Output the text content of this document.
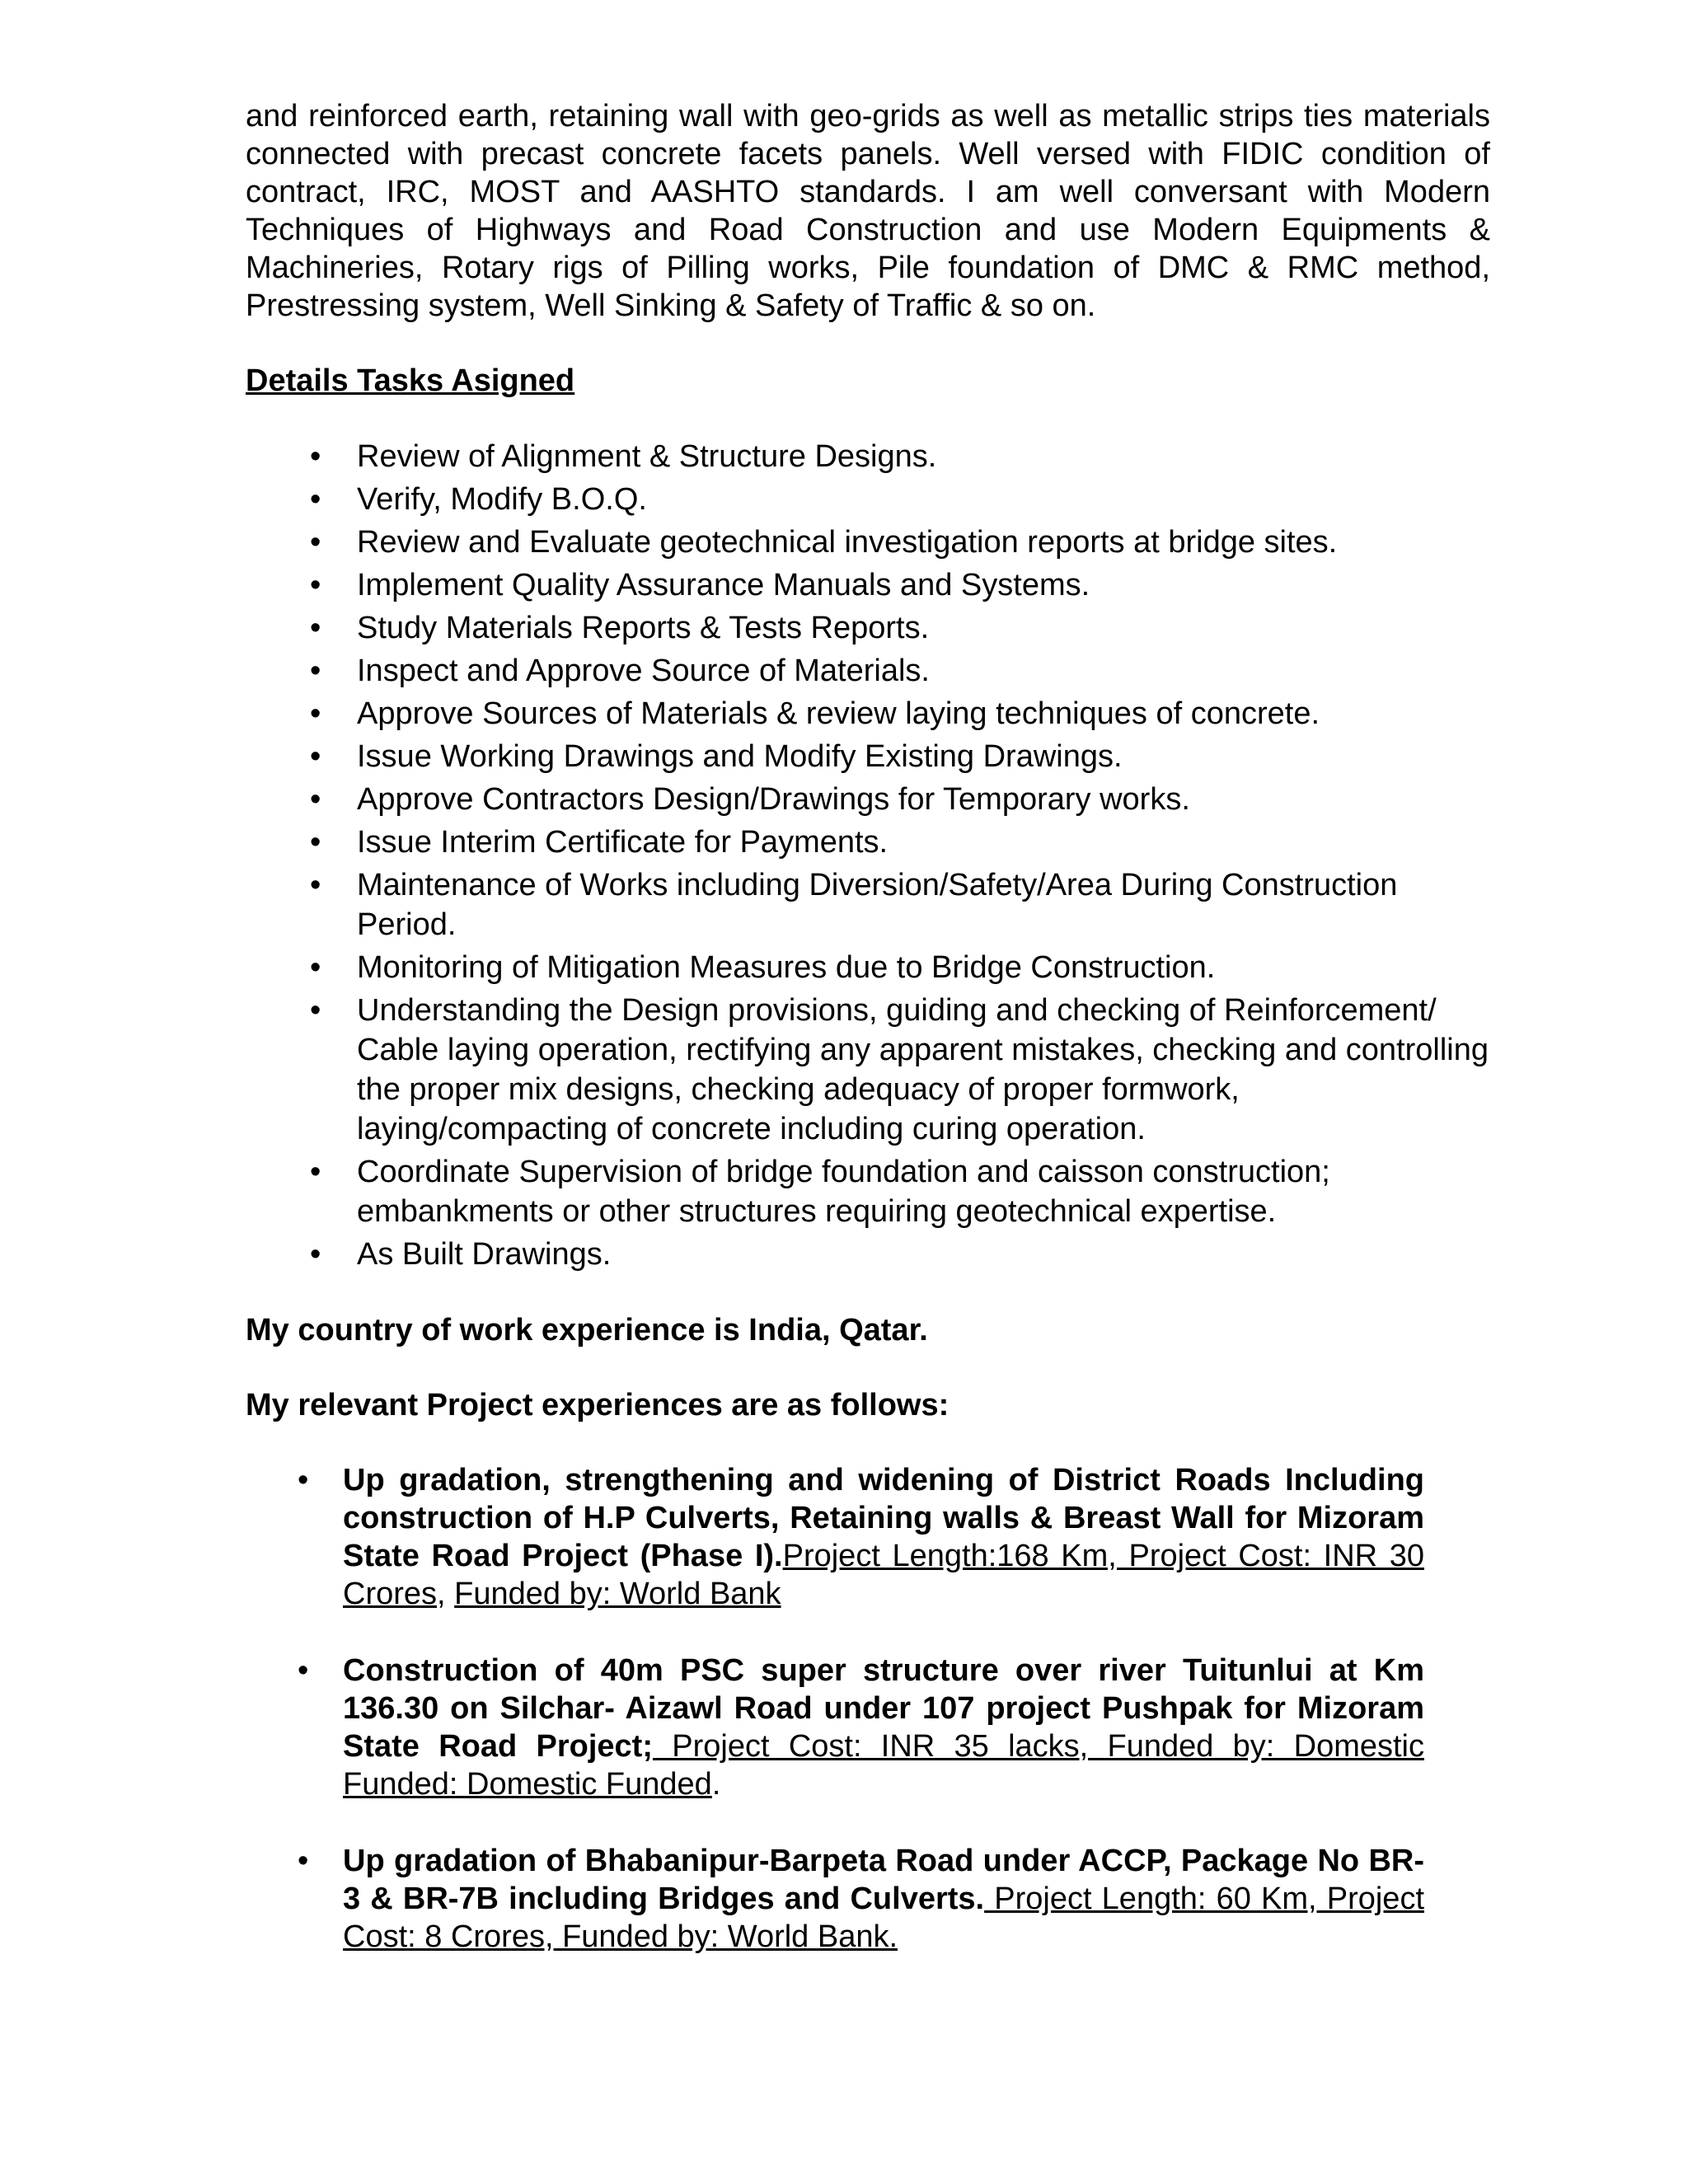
and reinforced earth, retaining wall with geo-grids as well as metallic strips ties materials connected with precast concrete facets panels. Well versed with FIDIC condition of contract, IRC, MOST and AASHTO standards. I am well conversant with Modern Techniques of Highways and Road Construction and use Modern Equipments & Machineries, Rotary rigs of Pilling works, Pile foundation of DMC & RMC method, Prestressing system, Well Sinking & Safety of Traffic & so on.

Details Tasks Asigned
• Review of Alignment & Structure Designs.
• Verify, Modify B.O.Q.
• Review and Evaluate geotechnical investigation reports at bridge sites.
• Implement Quality Assurance Manuals and Systems.
• Study Materials Reports & Tests Reports.
• Inspect and Approve Source of Materials.
• Approve Sources of Materials & review laying techniques of concrete.
• Issue Working Drawings and Modify Existing Drawings.
• Approve Contractors Design/Drawings for Temporary works.
• Issue Interim Certificate for Payments.
• Maintenance of Works including Diversion/Safety/Area During Construction Period.
• Monitoring of Mitigation Measures due to Bridge Construction.
• Understanding the Design provisions, guiding and checking of Reinforcement/ Cable laying operation, rectifying any apparent mistakes, checking and controlling the proper mix designs, checking adequacy of proper formwork, laying/compacting of concrete including curing operation.
• Coordinate Supervision of bridge foundation and caisson construction; embankments or other structures requiring geotechnical expertise.
• As Built Drawings.

My country of work experience is India, Qatar.

My relevant Project experiences are as follows:

• Up gradation, strengthening and widening of District Roads Including construction of H.P Culverts, Retaining walls & Breast Wall for Mizoram State Road Project (Phase I).Project Length:168 Km, Project Cost: INR 30 Crores, Funded by: World Bank
• Construction of 40m PSC super structure over river Tuitunlui at Km 136.30 on Silchar- Aizawl Road under 107 project Pushpak for Mizoram State Road Project; Project Cost: INR 35 lacks, Funded by: Domestic Funded: Domestic Funded.
• Up gradation of Bhabanipur-Barpeta Road under ACCP, Package No BR-3 & BR-7B including Bridges and Culverts. Project Length: 60 Km, Project Cost: 8 Crores, Funded by: World Bank.
